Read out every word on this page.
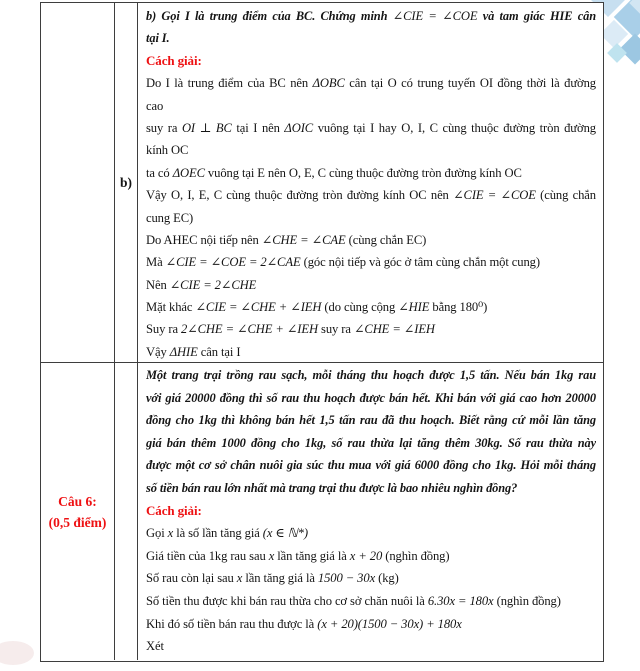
b)
b) Gọi I là trung điểm của BC. Chứng minh ∠CIE = ∠COE và tam giác HIE cân
tại I.
Cách giải:
Do I là trung điểm của BC nên ΔOBC cân tại O có trung tuyến OI đồng thời là đường
cao
suy ra OI ⊥ BC tại I nên ΔOIC vuông tại I hay O, I, C cùng thuộc đường tròn đường
kính OC
ta có ΔOEC vuông tại E nên O, E, C cùng thuộc đường tròn đường kính OC
Vậy O, I, E, C cùng thuộc đường tròn đường kính OC nên ∠CIE = ∠COE (cùng chắn
cung EC)
Do AHEC nội tiếp nên ∠CHE = ∠CAE (cùng chắn EC)
Mà ∠CIE = ∠COE = 2∠CAE (góc nội tiếp và góc ở tâm cùng chắn một cung)
Nên ∠CIE = 2∠CHE
Mặt khác ∠CIE = ∠CHE + ∠IEH (do cùng cộng ∠HIE bằng 180⁰)
Suy ra 2∠CHE = ∠CHE + ∠IEH suy ra ∠CHE = ∠IEH
Vậy ΔHIE cân tại I
Câu 6:
(0,5 điểm)
Một trang trại trồng rau sạch, mỗi tháng thu hoạch được 1,5 tấn. Nếu bán 1kg rau
với giá 20000 đồng thì số rau thu hoạch được bán hết. Khi bán với giá cao hơn 20000
đồng cho 1kg thì không bán hết 1,5 tấn rau đã thu hoạch. Biết rằng cứ mỗi lần tăng
giá bán thêm 1000 đồng cho 1kg, số rau thừa lại tăng thêm 30kg. Số rau thừa này
được một cơ sở chân nuôi gia súc thu mua với giá 6000 đồng cho 1kg. Hỏi mỗi tháng
số tiền bán rau lớn nhất mà trang trại thu được là bao nhiêu nghìn đồng?
Cách giải:
Gọi x là số lần tăng giá (x ∈ ℕ*)
Giá tiền của 1kg rau sau x lần tăng giá là x + 20 (nghìn đồng)
Số rau còn lại sau x lần tăng giá là 1500 − 30x (kg)
Số tiền thu được khi bán rau thừa cho cơ sở chăn nuôi là 6.30x = 180x (nghìn đồng)
Khi đó số tiền bán rau thu được là (x + 20)(1500 − 30x) + 180x
Xét
